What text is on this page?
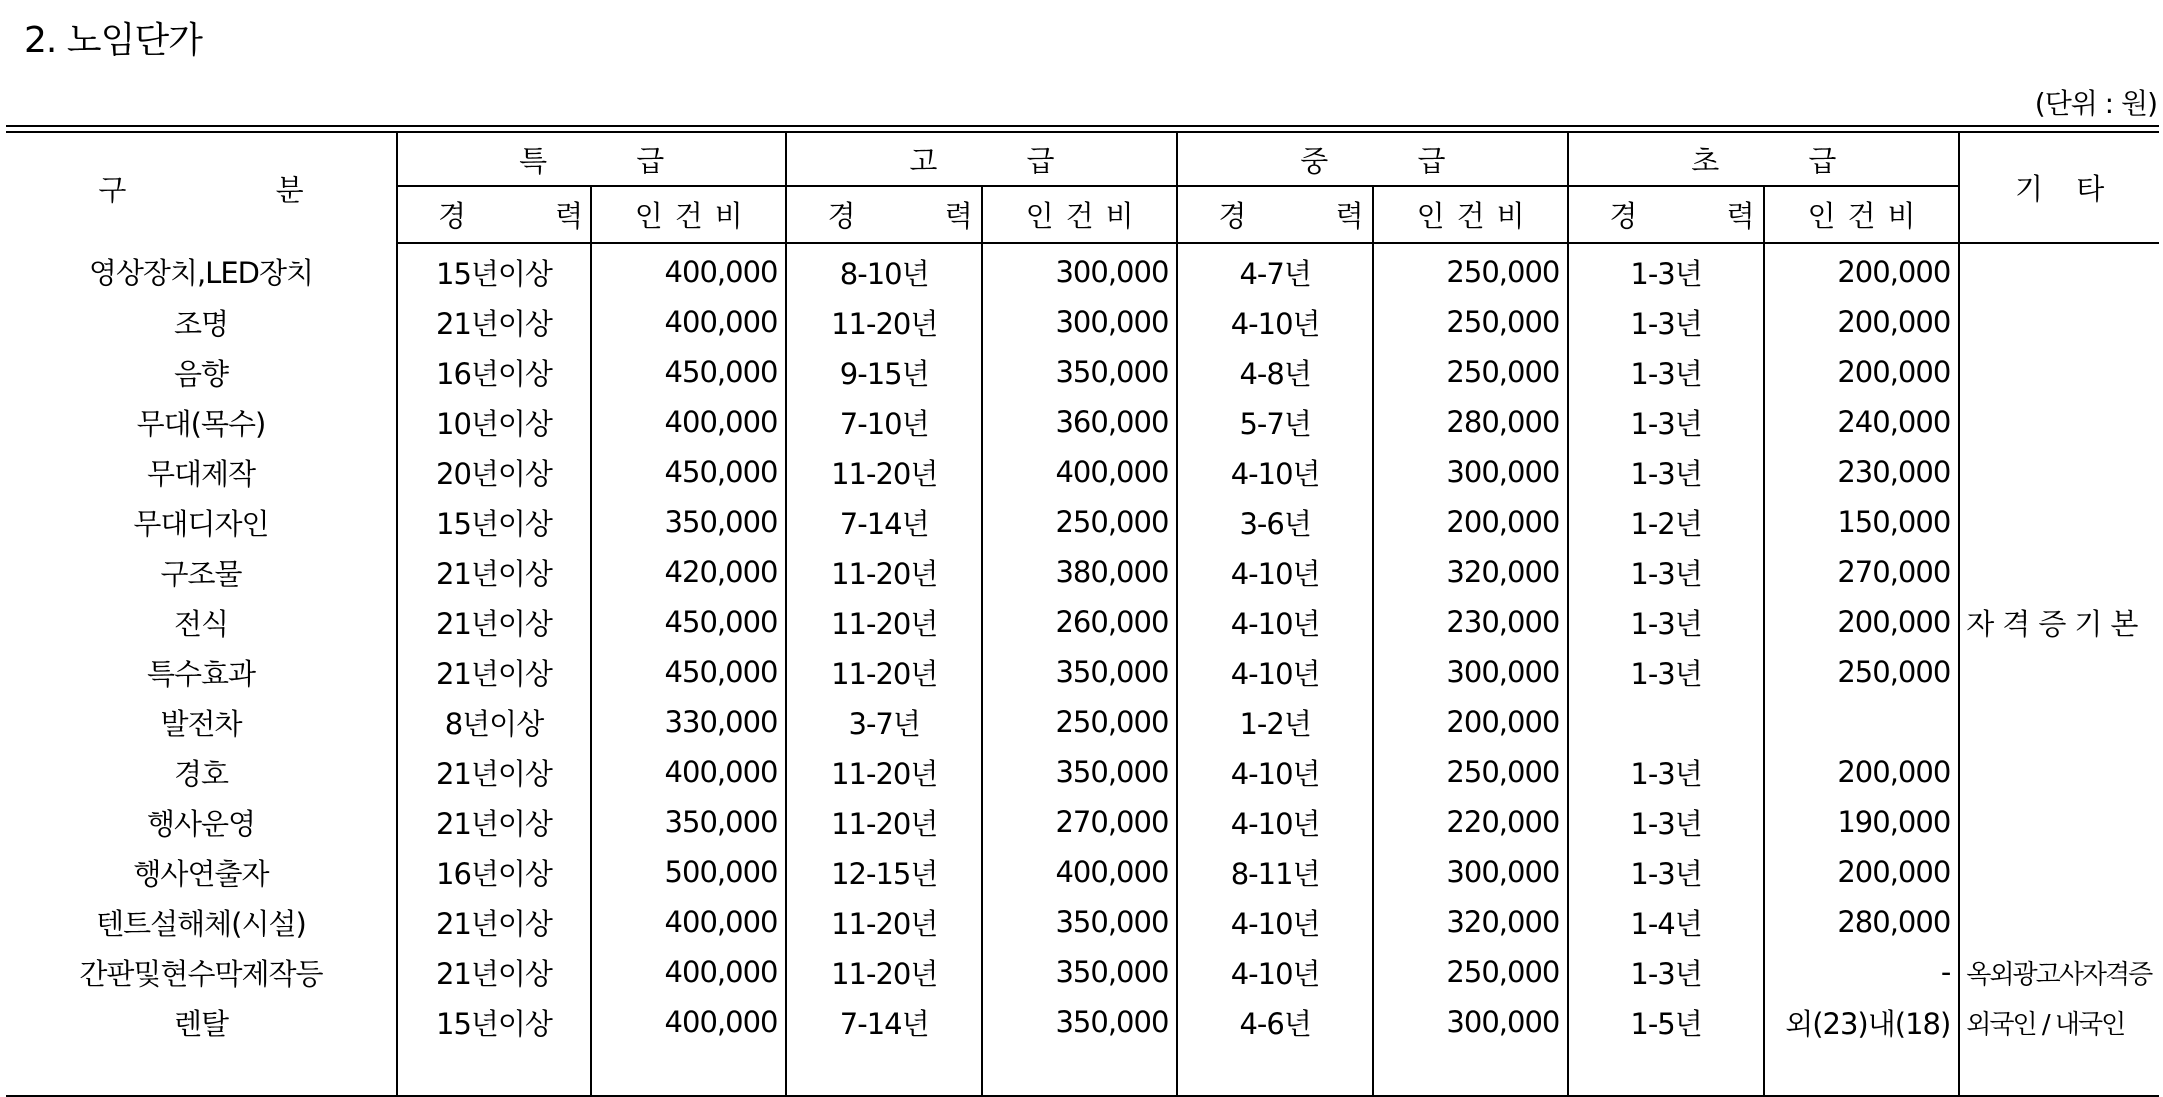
2. 노임단가
(단위 : 원)
구 분	특 급		고 급		중 급		초 급		기 타
	경 력	인건비	경 력	인건비	경 력	인건비	경 력	인건비	
영상장치,LED장치	15년이상	400,000	8-10년	300,000	4-7년	250,000	1-3년	200,000	
조명	21년이상	400,000	11-20년	300,000	4-10년	250,000	1-3년	200,000	
음향	16년이상	450,000	9-15년	350,000	4-8년	250,000	1-3년	200,000	
무대(목수)	10년이상	400,000	7-10년	360,000	5-7년	280,000	1-3년	240,000	
무대제작	20년이상	450,000	11-20년	400,000	4-10년	300,000	1-3년	230,000	
무대디자인	15년이상	350,000	7-14년	250,000	3-6년	200,000	1-2년	150,000	
구조물	21년이상	420,000	11-20년	380,000	4-10년	320,000	1-3년	270,000	
전식	21년이상	450,000	11-20년	260,000	4-10년	230,000	1-3년	200,000	자격증기본
특수효과	21년이상	450,000	11-20년	350,000	4-10년	300,000	1-3년	250,000	
발전차	8년이상	330,000	3-7년	250,000	1-2년	200,000			
경호	21년이상	400,000	11-20년	350,000	4-10년	250,000	1-3년	200,000	
행사운영	21년이상	350,000	11-20년	270,000	4-10년	220,000	1-3년	190,000	
행사연출자	16년이상	500,000	12-15년	400,000	8-11년	300,000	1-3년	200,000	
텐트설해체(시설)	21년이상	400,000	11-20년	350,000	4-10년	320,000	1-4년	280,000	
간판및현수막제작등	21년이상	400,000	11-20년	350,000	4-10년	250,000	1-3년	-	옥외광고사자격증
렌탈	15년이상	400,000	7-14년	350,000	4-6년	300,000	1-5년	외(23)내(18)	외국인 / 내국인
